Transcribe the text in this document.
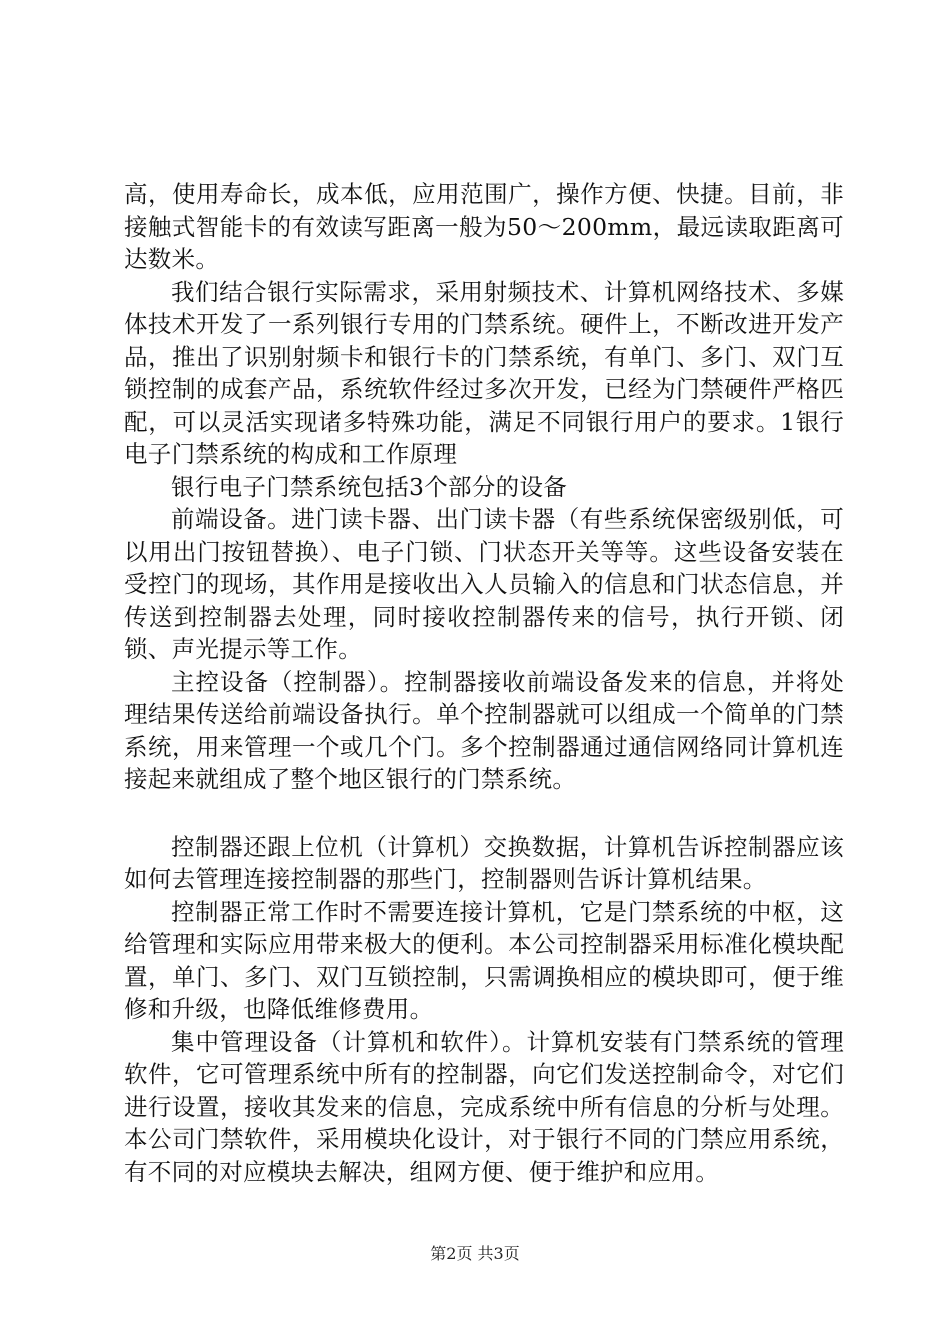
高，使用寿命长，成本低，应用范围广，操作方便、快捷。目前，非接触式智能卡的有效读写距离一般为50～200mm，最远读取距离可达数米。

我们结合银行实际需求，采用射频技术、计算机网络技术、多媒体技术开发了一系列银行专用的门禁系统。硬件上，不断改进开发产品，推出了识别射频卡和银行卡的门禁系统，有单门、多门、双门互锁控制的成套产品，系统软件经过多次开发，已经为门禁硬件严格匹配，可以灵活实现诸多特殊功能，满足不同银行用户的要求。1银行电子门禁系统的构成和工作原理

银行电子门禁系统包括3个部分的设备

前端设备。进门读卡器、出门读卡器（有些系统保密级别低，可以用出门按钮替换）、电子门锁、门状态开关等等。这些设备安装在受控门的现场，其作用是接收出入人员输入的信息和门状态信息，并传送到控制器去处理，同时接收控制器传来的信号，执行开锁、闭锁、声光提示等工作。

主控设备（控制器）。控制器接收前端设备发来的信息，并将处理结果传送给前端设备执行。单个控制器就可以组成一个简单的门禁系统，用来管理一个或几个门。多个控制器通过通信网络同计算机连接起来就组成了整个地区银行的门禁系统。

控制器还跟上位机（计算机）交换数据，计算机告诉控制器应该如何去管理连接控制器的那些门，控制器则告诉计算机结果。

控制器正常工作时不需要连接计算机，它是门禁系统的中枢，这给管理和实际应用带来极大的便利。本公司控制器采用标准化模块配置，单门、多门、双门互锁控制，只需调换相应的模块即可，便于维修和升级，也降低维修费用。

集中管理设备（计算机和软件）。计算机安装有门禁系统的管理软件，它可管理系统中所有的控制器，向它们发送控制命令，对它们进行设置，接收其发来的信息，完成系统中所有信息的分析与处理。本公司门禁软件，采用模块化设计，对于银行不同的门禁应用系统，有不同的对应模块去解决，组网方便、便于维护和应用。

第2页 共3页
